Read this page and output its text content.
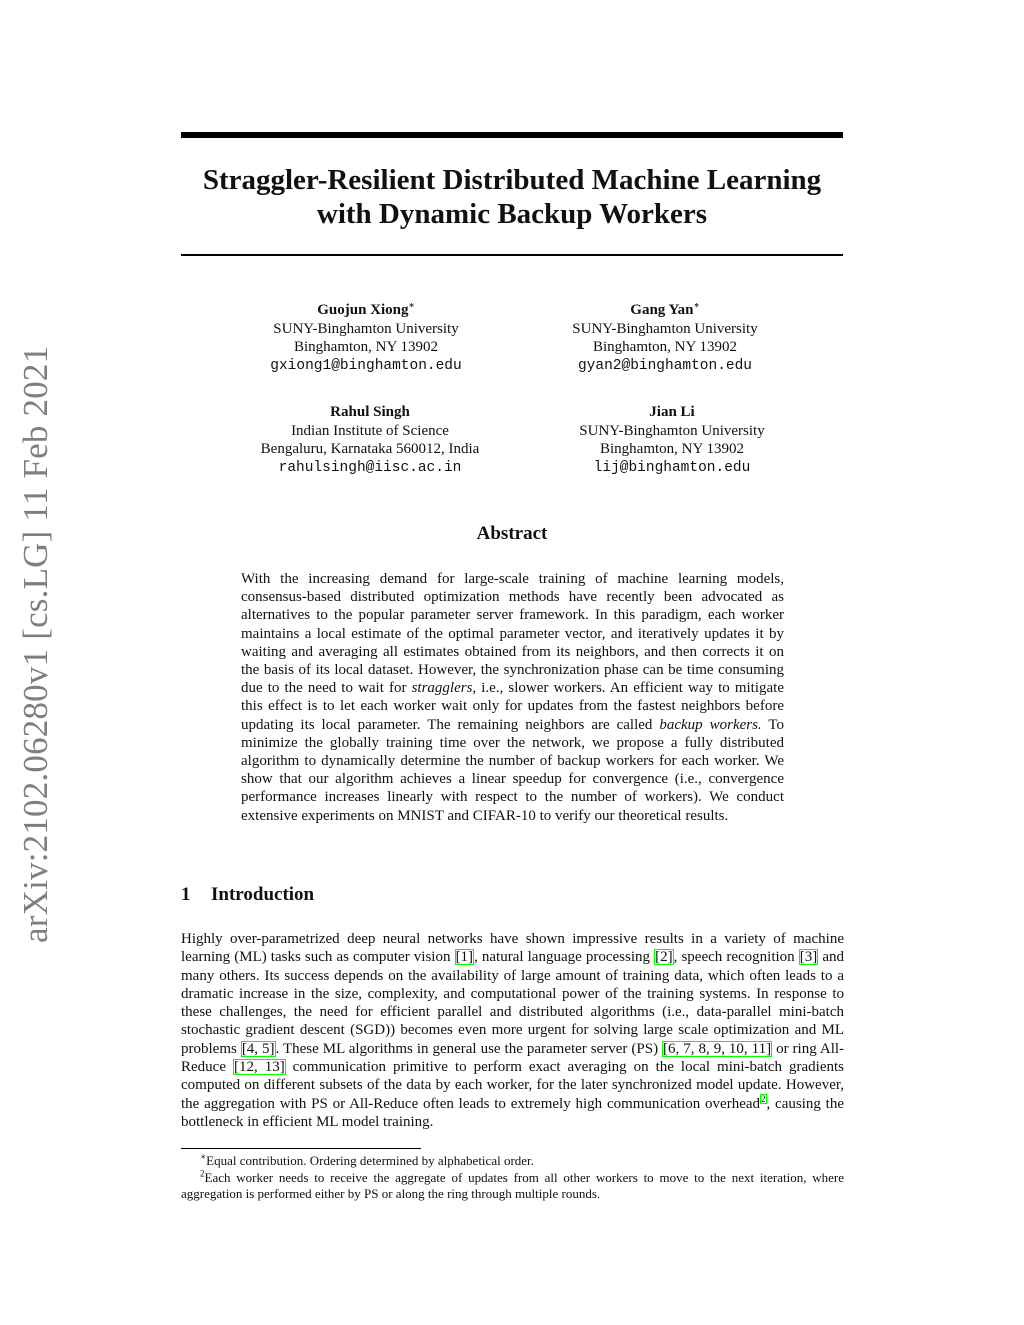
arXiv:2102.06280v1 [cs.LG] 11 Feb 2021
Straggler-Resilient Distributed Machine Learning
with Dynamic Backup Workers
Guojun Xiong∗
SUNY-Binghamton University
Binghamton, NY 13902
gxiong1@binghamton.edu
Gang Yan∗
SUNY-Binghamton University
Binghamton, NY 13902
gyan2@binghamton.edu
Rahul Singh
Indian Institute of Science
Bengaluru, Karnataka 560012, India
rahulsingh@iisc.ac.in
Jian Li
SUNY-Binghamton University
Binghamton, NY 13902
lij@binghamton.edu
Abstract
With the increasing demand for large-scale training of machine learning models, consensus-based distributed optimization methods have recently been advocated as alternatives to the popular parameter server framework. In this paradigm, each worker maintains a local estimate of the optimal parameter vector, and iteratively updates it by waiting and averaging all estimates obtained from its neighbors, and then corrects it on the basis of its local dataset. However, the synchronization phase can be time consuming due to the need to wait for stragglers, i.e., slower workers. An efficient way to mitigate this effect is to let each worker wait only for updates from the fastest neighbors before updating its local parameter. The remaining neighbors are called backup workers. To minimize the globally training time over the network, we propose a fully distributed algorithm to dynamically determine the number of backup workers for each worker. We show that our algorithm achieves a linear speedup for convergence (i.e., convergence performance increases linearly with respect to the number of workers). We conduct extensive experiments on MNIST and CIFAR-10 to verify our theoretical results.
1 Introduction
Highly over-parametrized deep neural networks have shown impressive results in a variety of machine learning (ML) tasks such as computer vision [1], natural language processing [2], speech recognition [3] and many others. Its success depends on the availability of large amount of training data, which often leads to a dramatic increase in the size, complexity, and computational power of the training systems. In response to these challenges, the need for efficient parallel and distributed algorithms (i.e., data-parallel mini-batch stochastic gradient descent (SGD)) becomes even more urgent for solving large scale optimization and ML problems [4, 5]. These ML algorithms in general use the parameter server (PS) [6, 7, 8, 9, 10, 11] or ring All-Reduce [12, 13] communication primitive to perform exact averaging on the local mini-batch gradients computed on different subsets of the data by each worker, for the later synchronized model update. However, the aggregation with PS or All-Reduce often leads to extremely high communication overhead$^2$, causing the bottleneck in efficient ML model training.
∗Equal contribution. Ordering determined by alphabetical order.
$^2$Each worker needs to receive the aggregate of updates from all other workers to move to the next iteration, where aggregation is performed either by PS or along the ring through multiple rounds.
